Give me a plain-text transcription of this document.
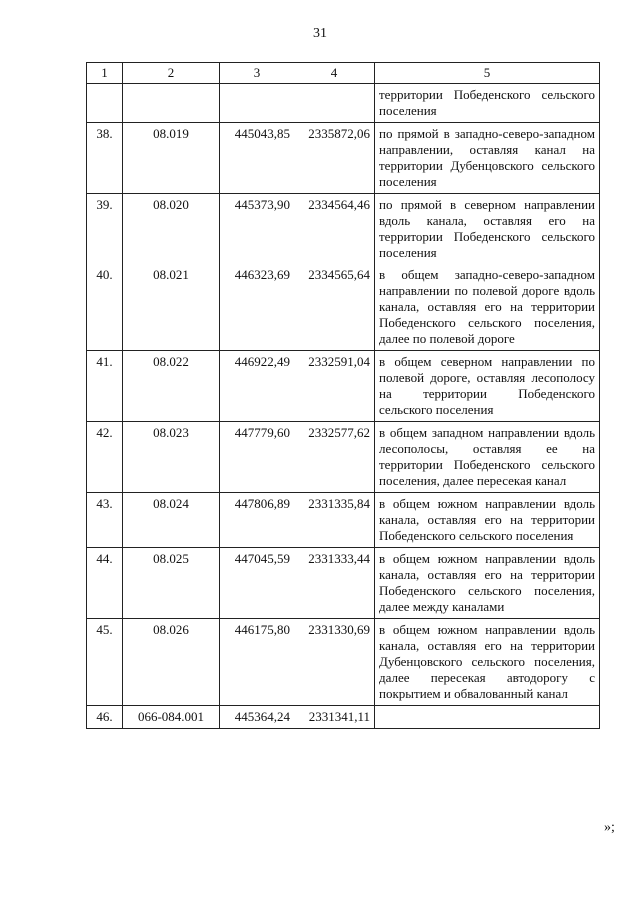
31
1	2	3	4	5
				территории Победенского сельского поселения
38.	08.019	445043,85	2335872,06	по прямой в западно-северо-западном направлении, оставляя канал на территории Дубенцовского сельского поселения
39.	08.020	445373,90	2334564,46	по прямой в северном направлении вдоль канала, оставляя его на территории Победенского сельского поселения
40.	08.021	446323,69	2334565,64	в общем западно-северо-западном направлении по полевой дороге вдоль канала, оставляя его на территории Победенского сельского поселения, далее по полевой дороге
41.	08.022	446922,49	2332591,04	в общем северном направлении по полевой дороге, оставляя лесополосу на территории Победенского сельского поселения
42.	08.023	447779,60	2332577,62	в общем западном направлении вдоль лесополосы, оставляя ее на территории Победенского сельского поселения, далее пересекая канал
43.	08.024	447806,89	2331335,84	в общем южном направлении вдоль канала, оставляя его на территории Победенского сельского поселения
44.	08.025	447045,59	2331333,44	в общем южном направлении вдоль канала, оставляя его на территории Победенского сельского поселения, далее между каналами
45.	08.026	446175,80	2331330,69	в общем южном направлении вдоль канала, оставляя его на территории Дубенцовского сельского поселения, далее пересекая автодорогу с покрытием и обвалованный канал
46.	066-084.001	445364,24	2331341,11	
»;
